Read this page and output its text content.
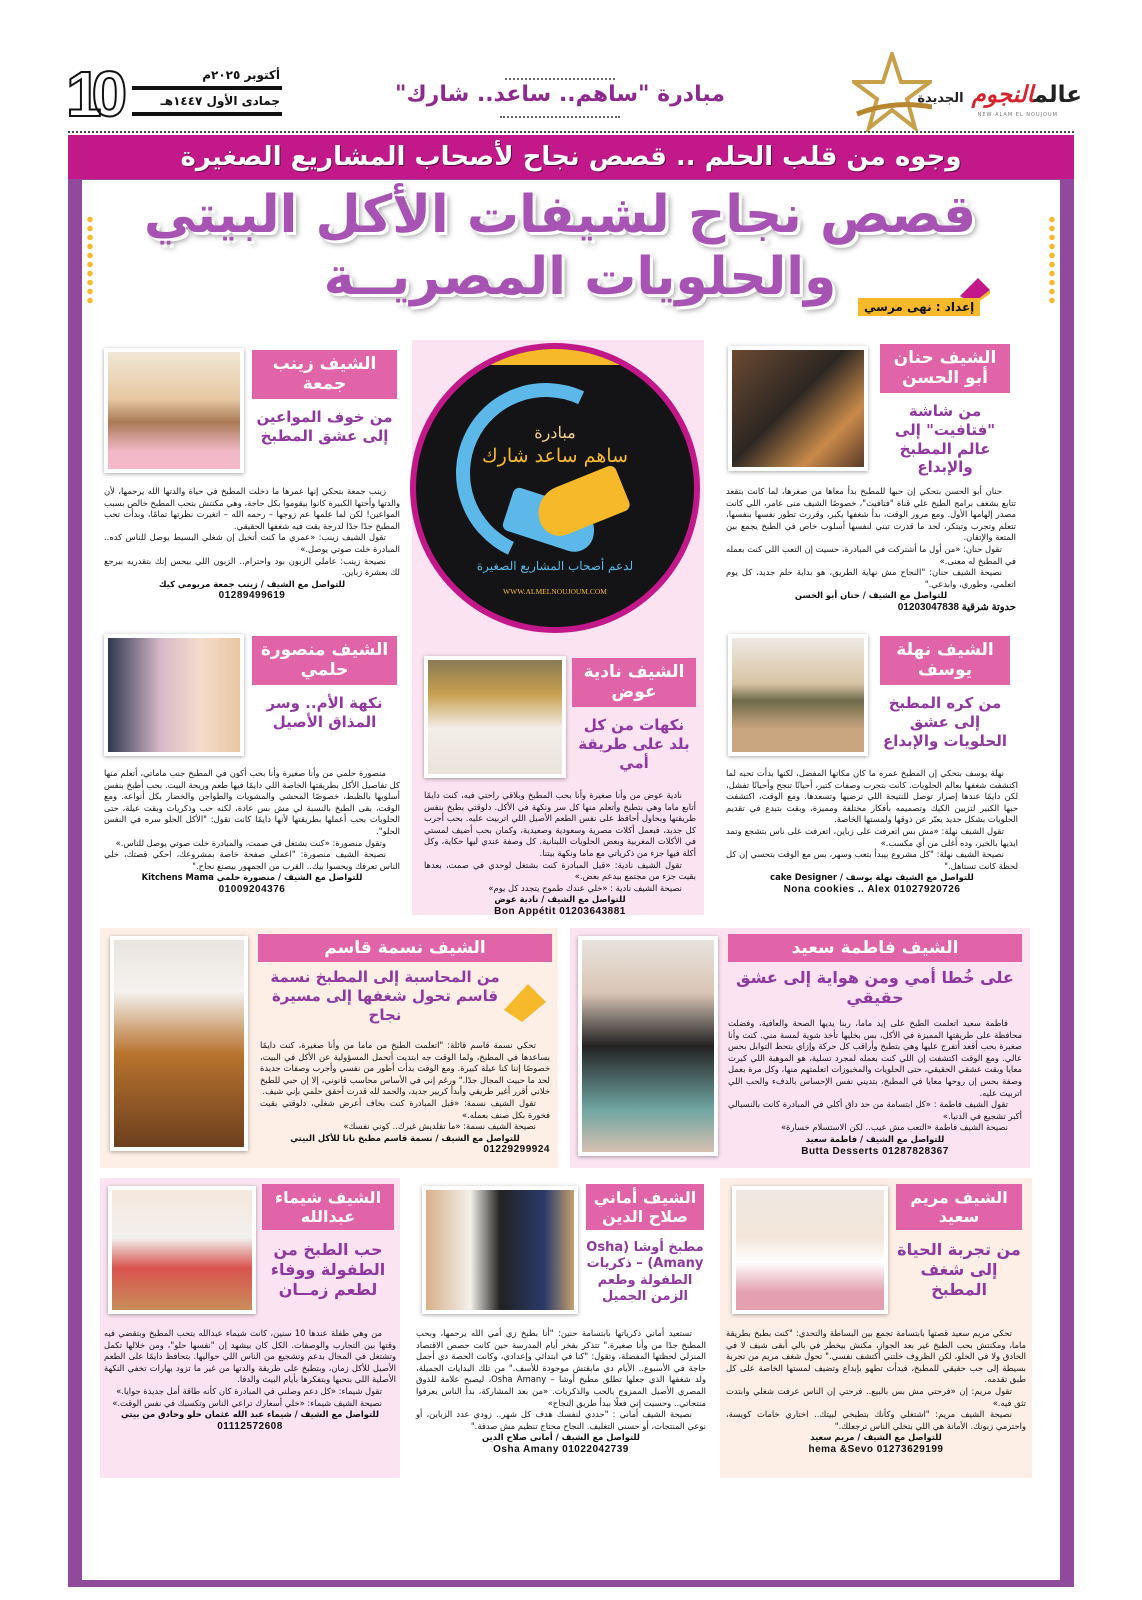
عالمالنجوم الجديدة
NEW ALAM EL NOUJOUM
مبادرة "ساهم.. ساعد.. شارك"
أكتوبر ٢٠٢٥م
جمادى الأول ١٤٤٧هـ
10
وجوه من قلب الحلم .. قصص نجاح لأصحاب المشاريع الصغيرة
قصص نجاح لشيفات الأكل البيتي
والحلويات المصريــة	إعداد : نهى مرسي
مبادرة
ساهم ساعد شارك
لدعم أصحاب المشاريع الصغيرة
WWW.ALMELNOUJOUM.COM
الشيف حنان أبو الحسن
من شاشة "فتافيت" إلى عالم المطبخ والإبداع

حنان أبو الحسن بتحكي إن حبها للمطبخ بدأ معاها من صغرها، لما كانت بتقعد تتابع بشغف برامج الطبخ علي قناة "فتافيت"، خصوصًا الشيف منى عامر، اللي كانت مصدر إلهامها الأول. ومع مرور الوقت، بدأ شغفها يكبر، وقررت تطور نفسها بنفسها، تتعلم وتجرب وتبتكر، لحد ما قدرت تبني لنفسها أسلوب خاص في الطبخ يجمع بين المتعة والإتقان.

تقول حنان: «من أول ما أشتركت في المبادرة، حسيت إن التعب اللي كنت بعمله في المطبخ له معنى.»

نصيحة الشيف حنان: "النجاح مش نهاية الطريق، هو بداية حلم جديد، كل يوم اتعلمي، وطوري، وابدعي."

للتواصل مع الشيف / حنان أبو الحسن
حدوتة شرقية 01203047838
الشيف زينب جمعة
من خوف المواعين إلى عشق المطبخ

زينب جمعة بتحكي إنها عمرها ما دخلت المطبخ في حياة والدتها الله يرحمها، لأن والدتها وأختها الكبيرة كانوا بيقوموا بكل حاجة، وهي مكنتش بتحب المطبخ خالص بسبب المواعين! لكن لما علمها عم زوجها – رحمه الله – اتغيرت نظرتها تمامًا، وبدأت تحب المطبخ جدًا جدًا لدرجة بقت فيه شغفها الحقيقي.

تقول الشيف زينب: «عمري ما كنت أتخيل إن شغلي البسيط يوصل للناس كده.. المبادرة خلت صوتي يوصل.»

نصيحة زينب: عاملي الزبون بود واحترام.. الزبون اللي بيحس إنك بتقدريه بيرجع لك بعشرة زباين.

للتواصل مع الشيف / زينب جمعة مريومي كيك
01289499619
الشيف منصورة حلمي
نكهة الأم.. وسر المذاق الأصيل

منصورة حلمي من وأنا صغيرة وأنا بحب أكون في المطبخ جنب ماماتي، أتعلم منها كل تفاصيل الأكل بطريقتها الخاصة اللي دايمًا فيها طعم وريحة البيت. بحب أطبخ بنفس أسلوبها بالظبط، خصوصًا المحشي والمشويات والطواجن والخضار بكل أنواعه. ومع الوقت، بقى الطبخ بالنسبة لي مش بس عادة، لكنه حب وذكريات وبقت عيلة، حتى الحلويات بحب أعملها بطريقتها لأنها دايمًا كانت تقول: "الأكل الحلو سره في النفس الحلو".

وتقول منصورة: «كنت بشتغل في صمت، والمبادرة خلت صوتي يوصل للناس.»

نصيحة الشيف منصورة: "اعملي صفحة خاصة بمشروعك، احكي قصتك، خلي الناس تعرفك ويحسوا بيك.. القرب من الجمهور بيصنع نجاح."

للتواصل مع الشيف / منصورة حلمي Kitchens Mama
01009204376
الشيف نادية عوض
نكهات من كل بلد على طريقة أمي

نادية عوض من وأنا صغيرة وأنا بحب المطبخ وبلاقي راحتي فيه، كنت دايمًا أتابع ماما وهي بتطبخ وأتعلم منها كل سر ونكهة في الأكل. دلوقتي بطبخ بنفس طريقتها وبحاول أحافظ على نفس الطعم الأصيل اللي اتربيت عليه. بحب أجرب كل جديد، فبعمل أكلات مصرية وسعودية وصعيدية، وكمان بحب أضيف لمستي في الأكلات المغربية وبعض الحلويات اللبنانية. كل وصفة عندي ليها حكاية، وكل أكلة فيها جزء من ذكرياتي مع ماما ونكهة بيتنا.

تقول الشيف نادية: «قبل المبادرة كنت بشتغل لوحدي في صمت، بعدها بقيت جزء من مجتمع بيدعم بعض.»

نصيحة الشيف نادية : «خلي عندك طموح يتجدد كل يوم»

للتواصل مع الشيف / نادية عوض
Bon Appétit 01203643881
الشيف نهلة يوسف
من كره المطبخ إلى عشق الحلويات والإبداع

نهلة يوسف بتحكي إن المطبخ عمره ما كان مكانها المفضل، لكنها بدأت تحبه لما اكتشفت شغفها بعالم الحلويات. كانت بتجرب وصفات كتير، أحيانًا تنجح وأحيانًا تفشل، لكن دايمًا عندها إصرار توصل للنتيجة اللي ترضيها وتسعدها. ومع الوقت، اكتشفت حبها الكبير لتزيين الكيك وتصميمه بأفكار مختلفة ومميزة، وبقت بتبدع في تقديم الحلويات بشكل جديد يعبّر عن ذوقها ولمستها الخاصة.

تقول الشيف نهلة: «مش بس اتعرفت على زباين، اتعرفت على ناس بتشجع وتمد ايديها بالخير، وده أغلى من أي مكسب.»

نصيحة الشيف نهلة: "كل مشروع بيبدأ بتعب وسهر، بس مع الوقت بتحسي إن كل لحظة كانت تستاهل."

للتواصل مع الشيف نهلة يوسف / cake Designer
Nona cookies .. Alex 01027920726
الشيف نسمة قاسم
من المحاسبة إلى المطبخ نسمة قاسم تحول شغفها إلى مسيرة نجاح

تحكي نسمة قاسم قائلة: "اتعلمت الطبخ من ماما من وأنا صغيرة، كنت دايمًا بساعدها في المطبخ، ولما الوقت جه ابتديت أتحمل المسؤولية عن الأكل في البيت، خصوصًا إننا كنا عيلة كبيرة. ومع الوقت بدأت أطور من نفسي وأجرب وصفات جديدة لحد ما حبيت المجال جدًا." ورغم إني في الأساس محاسب قانوني، إلا إن حبي للطبخ خلاني أقرر أغير طريقي وأبدأ كريير جديد، والحمد لله قدرت أحقق حلمي بإني شيف.

تقول الشيف نسمة: «قبل المبادرة كنت بخاف أعرض شغلي، دلوقتي بقيت فخورة بكل صنف بعمله.»

نصيحة الشيف نسمة: «ما تقلديش غيرك.. كوني نفسك»

للتواصل مع الشيف / نسمة قاسم مطبخ نانا للأكل البيتي
01229299924
الشيف فاطمة سعيد
على خُطا أمي ومن هواية إلى عشق حقيقي

فاطمة سعيد اتعلمت الطبخ على إيد ماما، ربنا يديها الصحة والعافية، وفضلت محافظة على طريقتها المميزة في الأكل، بس بخليها تأخذ شوية لمسة مني. كنت وأنا صغيرة بحب أقعد أتفرج عليها وهي بتطبخ وأراقب كل حركة وإزاي بتحط التوابل بحس عالي. ومع الوقت اكتشفت إن اللي كنت بعمله لمجرد تسلية، هو الموهبة اللي كبرت معايا وبقت عشقي الحقيقي، حتى الحلويات والمخبوزات اتعلمتهم منها، وكل مرة بعمل وصفة بحس إن روحها معايا في المطبخ، بتديني نفس الإحساس بالدفء والحب اللي اتربيت عليه.

تقول الشيف فاطمة : «كل ابتسامة من حد داق أكلي في المبادرة كانت بالنسبالي أكبر تشجيع في الدنيا.»

نصيحة الشيف فاطمة «التعب مش عيب.. لكن الاستسلام خسارة»

للتواصل مع الشيف / فاطمة سعيد
Butta Desserts 01287828367
الشيف شيماء عبدالله
حب الطبخ من الطفولة ووفاء لطعم زمــان

من وهي طفلة عندها 10 سنين، كانت شيماء عبدالله بتحب المطبخ وبتقضي فيه وقتها بين التجارب والوصفات. الكل كان بيشهد إن "نفسها حلو"، ومن خلالها تكمل وتشتغل في المجال بدعم وتشجيع من الناس اللي حواليها. بتحافظ دايمًا على الطعم الأصيل للأكل زمان، وبتطبخ على طريقة والدتها من غير ما تزود بهارات تخفي النكهة الأصلية اللي بتحبها وبتفكرها بأيام البيت والدفا.

تقول شيماء: «كل دعم وصلني في المبادرة كان كأنه طاقة أمل جديدة جوايا.»

نصيحة الشيف شيماء: «خلي أسعارك تراعي الناس وتكسبك في نفس الوقت.»

للتواصل مع الشيف / شيماء عبد الله عثمان حلو وحادق من بيتي
01112572608
الشيف أماني صلاح الدين
مطبخ أوشا (Osha Amany) – ذكريات الطفولة وطعم الزمن الجميل

تستعيد أماني ذكرياتها بابتسامة حنين: "أنا بطبخ زي أمي الله يرحمها، وبحب المطبخ جدًا من وأنا صغيرة." تتذكر بفخر أيام المدرسة حين كانت حصص الاقتصاد المنزلي لحظتها المفضلة، وتقول: "كنا في ابتدائي وإعدادي، وكانت الحصة دي أجمل حاجة في الأسبوع.. الأيام دي مابقتش موجودة للأسف." من تلك البدايات الجميلة، ولد شغفها الذي جعلها تطلق مطبخ أوشا – Osha Amany، ليصبح علامة للذوق المصري الأصيل الممزوج بالحب والذكريات. «من بعد المشاركة، بدأ الناس يعرفوا منتجاتي.. وحسيت إني فعلًا ببدأ طريق النجاح»

نصيحة الشيف أماني : "حددي لنفسك هدف كل شهر.. زودي عدد الزباين، أو نوعي المنتجات، أو حسني التغليف. النجاح محتاج تنظيم مش صدفة."

للتواصل مع الشيف / أماني صلاح الدين
Osha Amany 01022042739
الشيف مريم سعيد
من تجربة الحياة إلى شغف المطبخ

تحكي مريم سعيد قصتها بابتسامة تجمع بين البساطة والتحدي: "كنت بطبخ بطريقة ماما، ومكنتش بحب الطبخ غير بعد الجواز، مكنش بيخطر في بالي أبقى شيف لا في الحادق ولا في الحلو، لكن الظروف خلتني أكتشف نفسي." تحول شغف مريم من تجربة بسيطة إلى حب حقيقي للمطبخ، فبدأت تطهو بإبداع وتضيف لمستها الخاصة على كل طبق تقدمه.

تقول مريم: إن «فرحتي مش بس بالبيع.. فرحتي إن الناس عرفت شغلي وابتدت تثق فيه.»

نصيحة الشيف مريم: "اشتغلي وكأنك بتطبخي لبيتك.. اختاري خامات كويسة، واحترمي زبونك. الأمانة هي اللي بتخلي الناس ترجعلك."

للتواصل مع الشيف / مريم سعيد
hema &Sevo 01273629199
